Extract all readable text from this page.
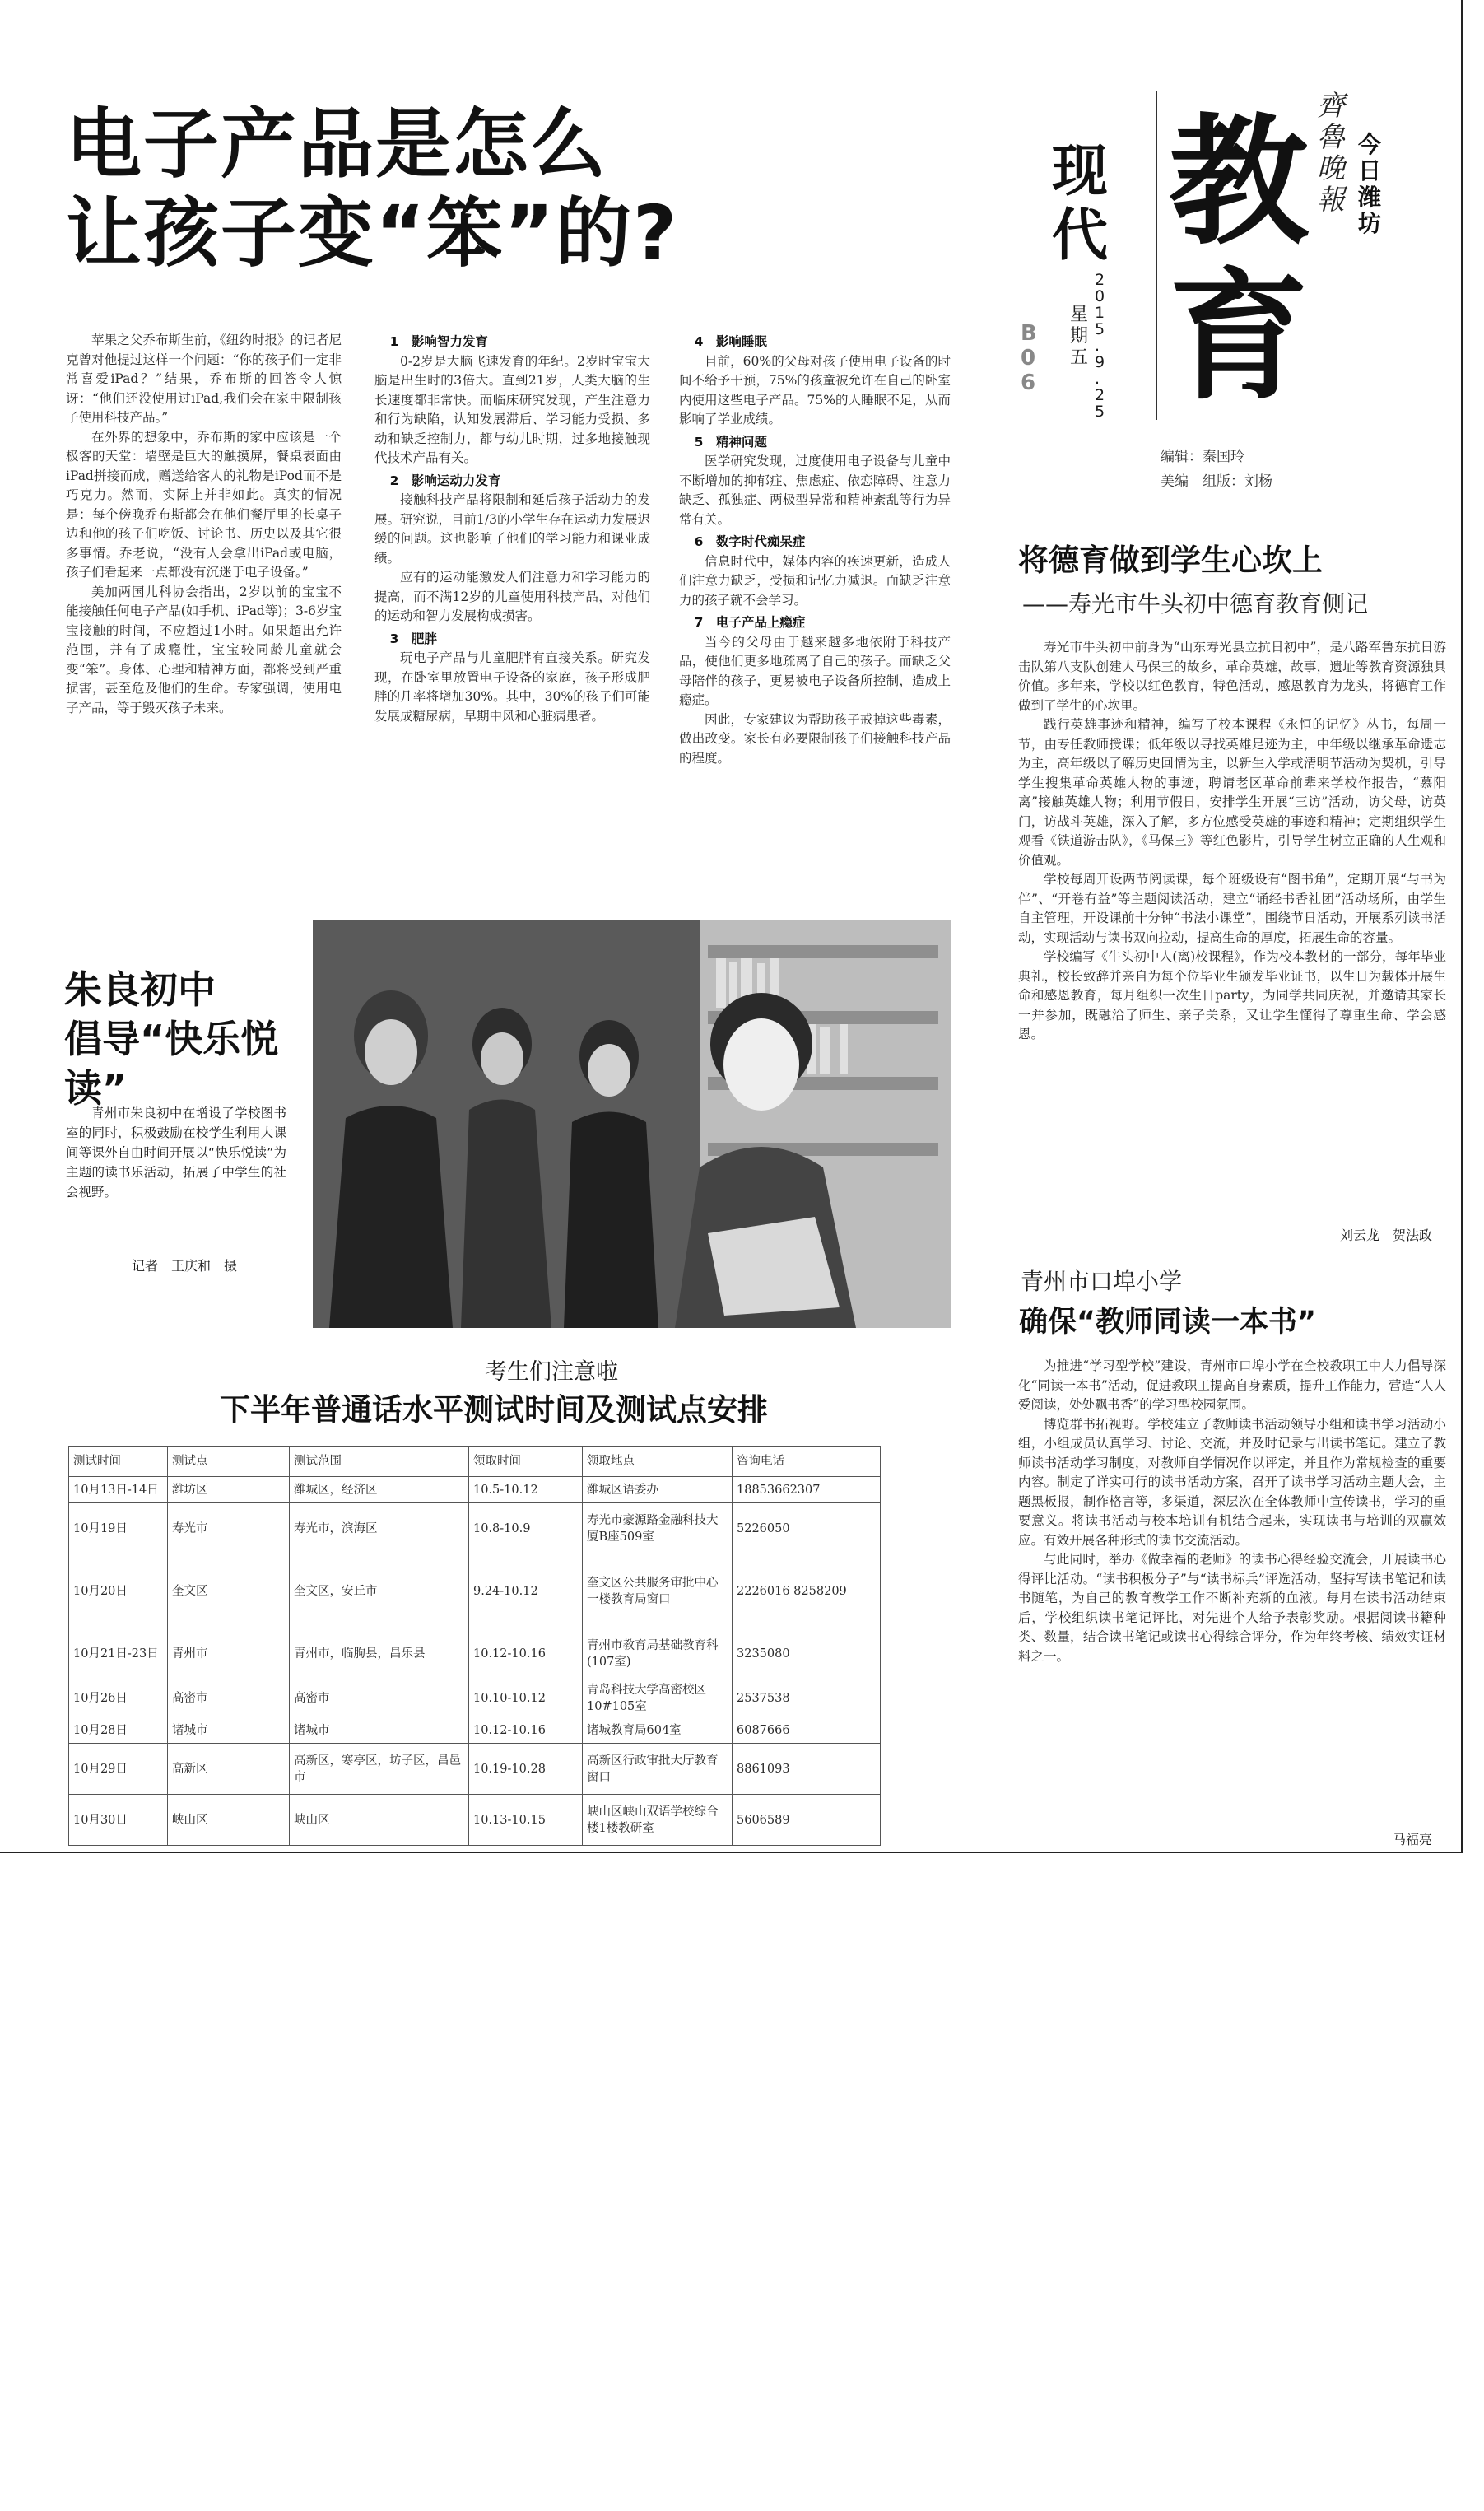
电子产品是怎么
让孩子变“笨”的?
现
代 教
育
齊
魯
晚
報
今
日
潍
坊
星
期
五
2
0
1
5
.
9
.
2
5
B
0
6
编辑：秦国玲
美编　组版：刘杨

苹果之父乔布斯生前，《纽约时报》的记者尼克曾对他提过这样一个问题：“你的孩子们一定非常喜爱iPad？”结果，乔布斯的回答令人惊讶：“他们还没使用过iPad,我们会在家中限制孩子使用科技产品。”

在外界的想象中，乔布斯的家中应该是一个极客的天堂：墙壁是巨大的触摸屏，餐桌表面由iPad拼接而成，赠送给客人的礼物是iPod而不是巧克力。然而，实际上并非如此。真实的情况是：每个傍晚乔布斯都会在他们餐厅里的长桌子边和他的孩子们吃饭、讨论书、历史以及其它很多事情。乔老说，“没有人会拿出iPad或电脑，孩子们看起来一点都没有沉迷于电子设备。”

美加两国儿科协会指出，2岁以前的宝宝不能接触任何电子产品(如手机、iPad等)；3-6岁宝宝接触的时间，不应超过1小时。如果超出允许范围，并有了成瘾性，宝宝较同龄儿童就会变“笨”。身体、心理和精神方面，都将受到严重损害，甚至危及他们的生命。专家强调，使用电子产品，等于毁灭孩子未来。

1　影响智力发育

0-2岁是大脑飞速发育的年纪。2岁时宝宝大脑是出生时的3倍大。直到21岁，人类大脑的生长速度都非常快。而临床研究发现，产生注意力和行为缺陷，认知发展滞后、学习能力受损、多动和缺乏控制力，都与幼儿时期，过多地接触现代技术产品有关。

2　影响运动力发育

接触科技产品将限制和延后孩子活动力的发展。研究说，目前1/3的小学生存在运动力发展迟缓的问题。这也影响了他们的学习能力和课业成绩。

应有的运动能激发人们注意力和学习能力的提高，而不满12岁的儿童使用科技产品，对他们的运动和智力发展构成损害。

3　肥胖

玩电子产品与儿童肥胖有直接关系。研究发现，在卧室里放置电子设备的家庭，孩子形成肥胖的几率将增加30%。其中，30%的孩子们可能发展成糖尿病，早期中风和心脏病患者。

4　影响睡眠

目前，60%的父母对孩子使用电子设备的时间不给予干预，75%的孩童被允许在自己的卧室内使用这些电子产品。75%的人睡眠不足，从而影响了学业成绩。

5　精神问题

医学研究发现，过度使用电子设备与儿童中不断增加的抑郁症、焦虑症、依恋障碍、注意力缺乏、孤独症、两极型异常和精神紊乱等行为异常有关。

6　数字时代痴呆症

信息时代中，媒体内容的疾速更新，造成人们注意力缺乏，受损和记忆力减退。而缺乏注意力的孩子就不会学习。

7　电子产品上瘾症

当今的父母由于越来越多地依附于科技产品，使他们更多地疏离了自己的孩子。而缺乏父母陪伴的孩子，更易被电子设备所控制，造成上瘾症。

因此，专家建议为帮助孩子戒掉这些毒素，做出改变。家长有必要限制孩子们接触科技产品的程度。

朱良初中
倡导“快乐悦读”

青州市朱良初中在增设了学校图书室的同时，积极鼓励在校学生利用大课间等课外自由时间开展以“快乐悦读”为主题的读书乐活动，拓展了中学生的社会视野。

记者　王庆和　摄
考生们注意啦
下半年普通话水平测试时间及测试点安排
测试时间	测试点	测试范围	领取时间	领取地点	咨询电话
10月13日-14日	潍坊区	潍城区，经济区	10.5-10.12	潍城区语委办	18853662307
10月19日	寿光市	寿光市，滨海区	10.8-10.9	寿光市豪源路金融科技大厦B座509室	5226050
10月20日	奎文区	奎文区，安丘市	9.24-10.12	奎文区公共服务审批中心一楼教育局窗口	2226016 8258209
10月21日-23日	青州市	青州市，临朐县，昌乐县	10.12-10.16	青州市教育局基础教育科(107室)	3235080
10月26日	高密市	高密市	10.10-10.12	青岛科技大学高密校区10#105室	2537538
10月28日	诸城市	诸城市	10.12-10.16	诸城教育局604室	6087666
10月29日	高新区	高新区，寒亭区，坊子区，昌邑市	10.19-10.28	高新区行政审批大厅教育窗口	8861093
10月30日	峡山区	峡山区	10.13-10.15	峡山区峡山双语学校综合楼1楼教研室	5606589
将德育做到学生心坎上
——寿光市牛头初中德育教育侧记

寿光市牛头初中前身为“山东寿光县立抗日初中”，是八路军鲁东抗日游击队第八支队创建人马保三的故乡，革命英雄，故事，遗址等教育资源独具价值。多年来，学校以红色教育，特色活动，感恩教育为龙头，将德育工作做到了学生的心坎里。

践行英雄事迹和精神，编写了校本课程《永恒的记忆》丛书，每周一节，由专任教师授课；低年级以寻找英雄足迹为主，中年级以继承革命遗志为主，高年级以了解历史回情为主，以新生入学或清明节活动为契机，引导学生搜集革命英雄人物的事迹，聘请老区革命前辈来学校作报告，“慕阳离”接触英雄人物；利用节假日，安排学生开展“三访”活动，访父母，访英门，访战斗英雄，深入了解，多方位感受英雄的事迹和精神；定期组织学生观看《铁道游击队》，《马保三》等红色影片，引导学生树立正确的人生观和价值观。

学校每周开设两节阅读课，每个班级设有“图书角”，定期开展“与书为伴”、“开卷有益”等主题阅读活动，建立“诵经书香社团”活动场所，由学生自主管理，开设课前十分钟“书法小课堂”，围绕节日活动，开展系列读书活动，实现活动与读书双向拉动，提高生命的厚度，拓展生命的容量。

学校编写《牛头初中人(离)校课程》，作为校本教材的一部分，每年毕业典礼，校长致辞并亲自为每个位毕业生颁发毕业证书，以生日为载体开展生命和感恩教育，每月组织一次生日party，为同学共同庆祝，并邀请其家长一并参加，既融洽了师生、亲子关系，又让学生懂得了尊重生命、学会感恩。

刘云龙　贺法政
青州市口埠小学
确保“教师同读一本书”

为推进“学习型学校”建设，青州市口埠小学在全校教职工中大力倡导深化“同读一本书”活动，促进教职工提高自身素质，提升工作能力，营造“人人爱阅读，处处飘书香”的学习型校园氛围。

博览群书拓视野。学校建立了教师读书活动领导小组和读书学习活动小组，小组成员认真学习、讨论、交流，并及时记录与出读书笔记。建立了教师读书活动学习制度，对教师自学情况作以评定，并且作为常规检查的重要内容。制定了详实可行的读书活动方案，召开了读书学习活动主题大会，主题黑板报，制作格言等，多渠道，深层次在全体教师中宣传读书，学习的重要意义。将读书活动与校本培训有机结合起来，实现读书与培训的双赢效应。有效开展各种形式的读书交流活动。

与此同时，举办《做幸福的老师》的读书心得经验交流会，开展读书心得评比活动。“读书积极分子”与“读书标兵”评选活动，坚持写读书笔记和读书随笔，为自己的教育教学工作不断补充新的血液。每月在读书活动结束后，学校组织读书笔记评比，对先进个人给予表彰奖励。根据阅读书籍种类、数量，结合读书笔记或读书心得综合评分，作为年终考核、绩效实证材料之一。

马福亮
